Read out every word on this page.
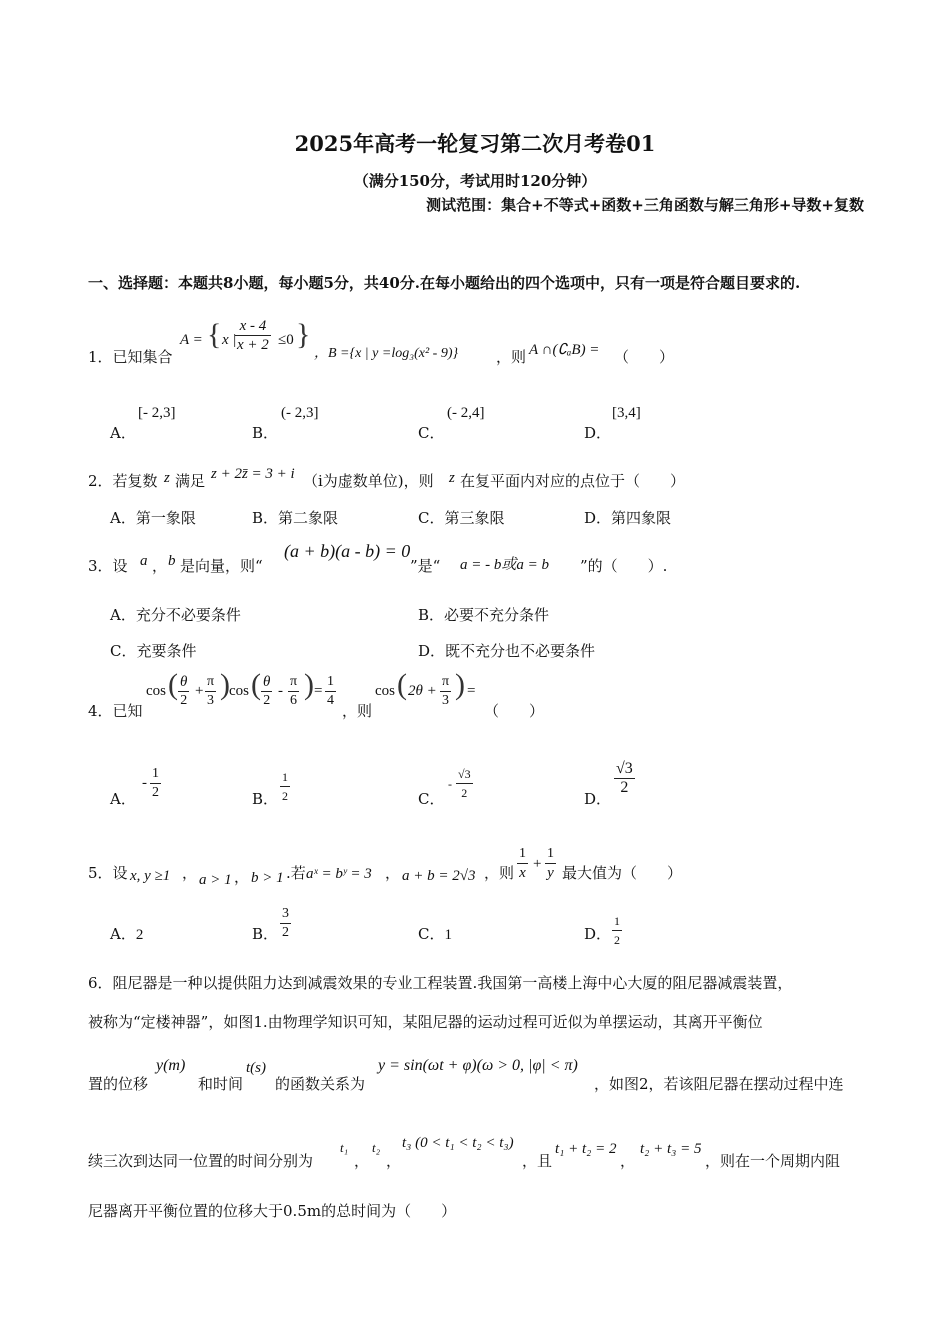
2025年高考一轮复习第二次月考卷01
（满分150分，考试用时120分钟）
测试范围：集合+不等式+函数+三角函数与解三角形+导数+复数
一、选择题：本题共8小题，每小题5分，共40分.在每小题给出的四个选项中，只有一项是符合题目要求的.
1．已知集合
A = { x |
$\frac{x - 4}{x + 2} \le 0$ }
，B ={x | y =log₃(x² - 9)}	，则 A ∩(∁ₐB) = （　　）
A．
[- 2,3]
B．
(- 2,3]
C．
(- 2,4]
D．
[3,4]
2．若复数 z 满足 z + 2z̄ = 3 + i （i为虚数单位)，则 z 在复平面内对应的点位于（　　）
A．第一象限	B．第二象限	C．第三象限	D．第四象限
3．设 a ， b 是向量，则“
(a + b)(a - b) = 0
”是“ a = - b或a = b ”的（　　）.
A．充分不必要条件	B．必要不充分条件
C．充要条件	D．既不充分也不必要条件
4．已知
cos ( $\frac{\theta}{2} + \frac{\pi}{3}$ ) cos ( $\frac{\theta}{2} - \frac{\pi}{6}$ ) = $\frac{1}{4}$
，则
cos ( $2\theta + \frac{\pi}{3}$ ) =
（　　）
A．
- $\frac{1}{2}$	B． $\frac{1}{2}$	C．
- $\frac{√3}{2}$	D．
$\frac{√3}{2}$
5．设 x, y ≥1 ， a > 1 ， b > 1 .若 aˣ = bʸ = 3 ， a + b = 2√3 ，则 $\frac{1}{x} + \frac{1}{y}$ 最大值为（　　）
A．2	B． $\frac{3}{2}$	C．1	D． $\frac{1}{2}$
6．阻尼器是一种以提供阻力达到减震效果的专业工程装置.我国第一高楼上海中心大厦的阻尼器减震装置，
被称为“定楼神器”，如图1.由物理学知识可知，某阻尼器的运动过程可近似为单摆运动，其离开平衡位
置的位移
y(m)
和时间
t(s)
的函数关系为
y = sin(ωt + φ)(ω > 0, |φ| < π)
，如图2，若该阻尼器在摆动过程中连
续三次到达同一位置的时间分别为
t₁
，
t₂
，
t₃ (0 < t₁ < t₂ < t₃)
，且
t₁ + t₂ = 2
，
t₂ + t₃ = 5
，则在一个周期内阻
尼器离开平衡位置的位移大于0.5m的总时间为（　　）
